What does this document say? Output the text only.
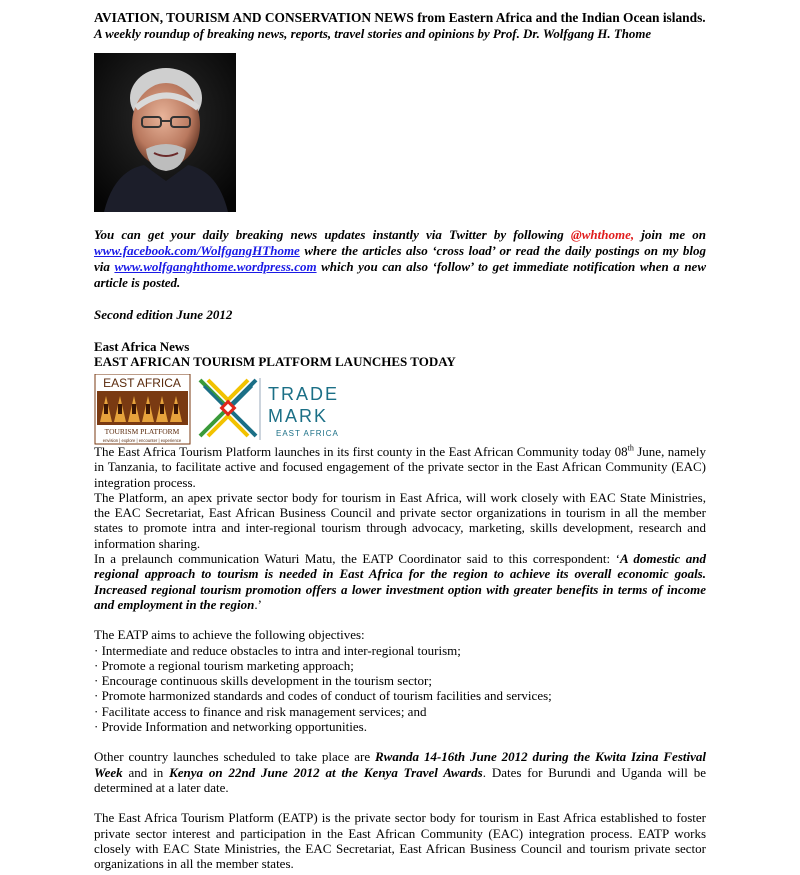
AVIATION, TOURISM AND CONSERVATION NEWS from Eastern Africa and the Indian Ocean islands.
A weekly roundup of breaking news, reports, travel stories and opinions by Prof. Dr. Wolfgang H. Thome
You can get your daily breaking news updates instantly via Twitter by following @whthome, join me on www.facebook.com/WolfgangHThome where the articles also ‘cross load’ or read the daily postings on my blog via www.wolfganghthome.wordpress.com which you can also ‘follow’ to get immediate notification when a new article is posted.
Second edition June 2012
East Africa News
EAST AFRICAN TOURISM PLATFORM LAUNCHES TODAY
EAST AFRICA
TOURISM PLATFORM
envision | explore | encounter | experience
TRADE
MARK
EAST AFRICA

The East Africa Tourism Platform launches in its first county in the East African Community today 08th June, namely in Tanzania, to facilitate active and focused engagement of the private sector in the East African Community (EAC) integration process.

The Platform, an apex private sector body for tourism in East Africa, will work closely with EAC State Ministries, the EAC Secretariat, East African Business Council and private sector organizations in tourism in all the member states to promote intra and inter-regional tourism through advocacy, marketing, skills development, research and information sharing.

In a prelaunch communication Waturi Matu, the EATP Coordinator said to this correspondent: ‘A domestic and regional approach to tourism is needed in East Africa for the region to achieve its overall economic goals. Increased regional tourism promotion offers a lower investment option with greater benefits in terms of income and employment in the region.’

The EATP aims to achieve the following objectives:

· Intermediate and reduce obstacles to intra and inter-regional tourism;
· Promote a regional tourism marketing approach;
· Encourage continuous skills development in the tourism sector;
· Promote harmonized standards and codes of conduct of tourism facilities and services;
· Facilitate access to finance and risk management services; and
· Provide Information and networking opportunities.

Other country launches scheduled to take place are Rwanda 14-16th June 2012 during the Kwita Izina Festival Week and in Kenya on 22nd June 2012 at the Kenya Travel Awards. Dates for Burundi and Uganda will be determined at a later date.

The East Africa Tourism Platform (EATP) is the private sector body for tourism in East Africa established to foster private sector interest and participation in the East African Community (EAC) integration process. EATP works closely with EAC State Ministries, the EAC Secretariat, East African Business Council and tourism private sector organizations in all the member states.
